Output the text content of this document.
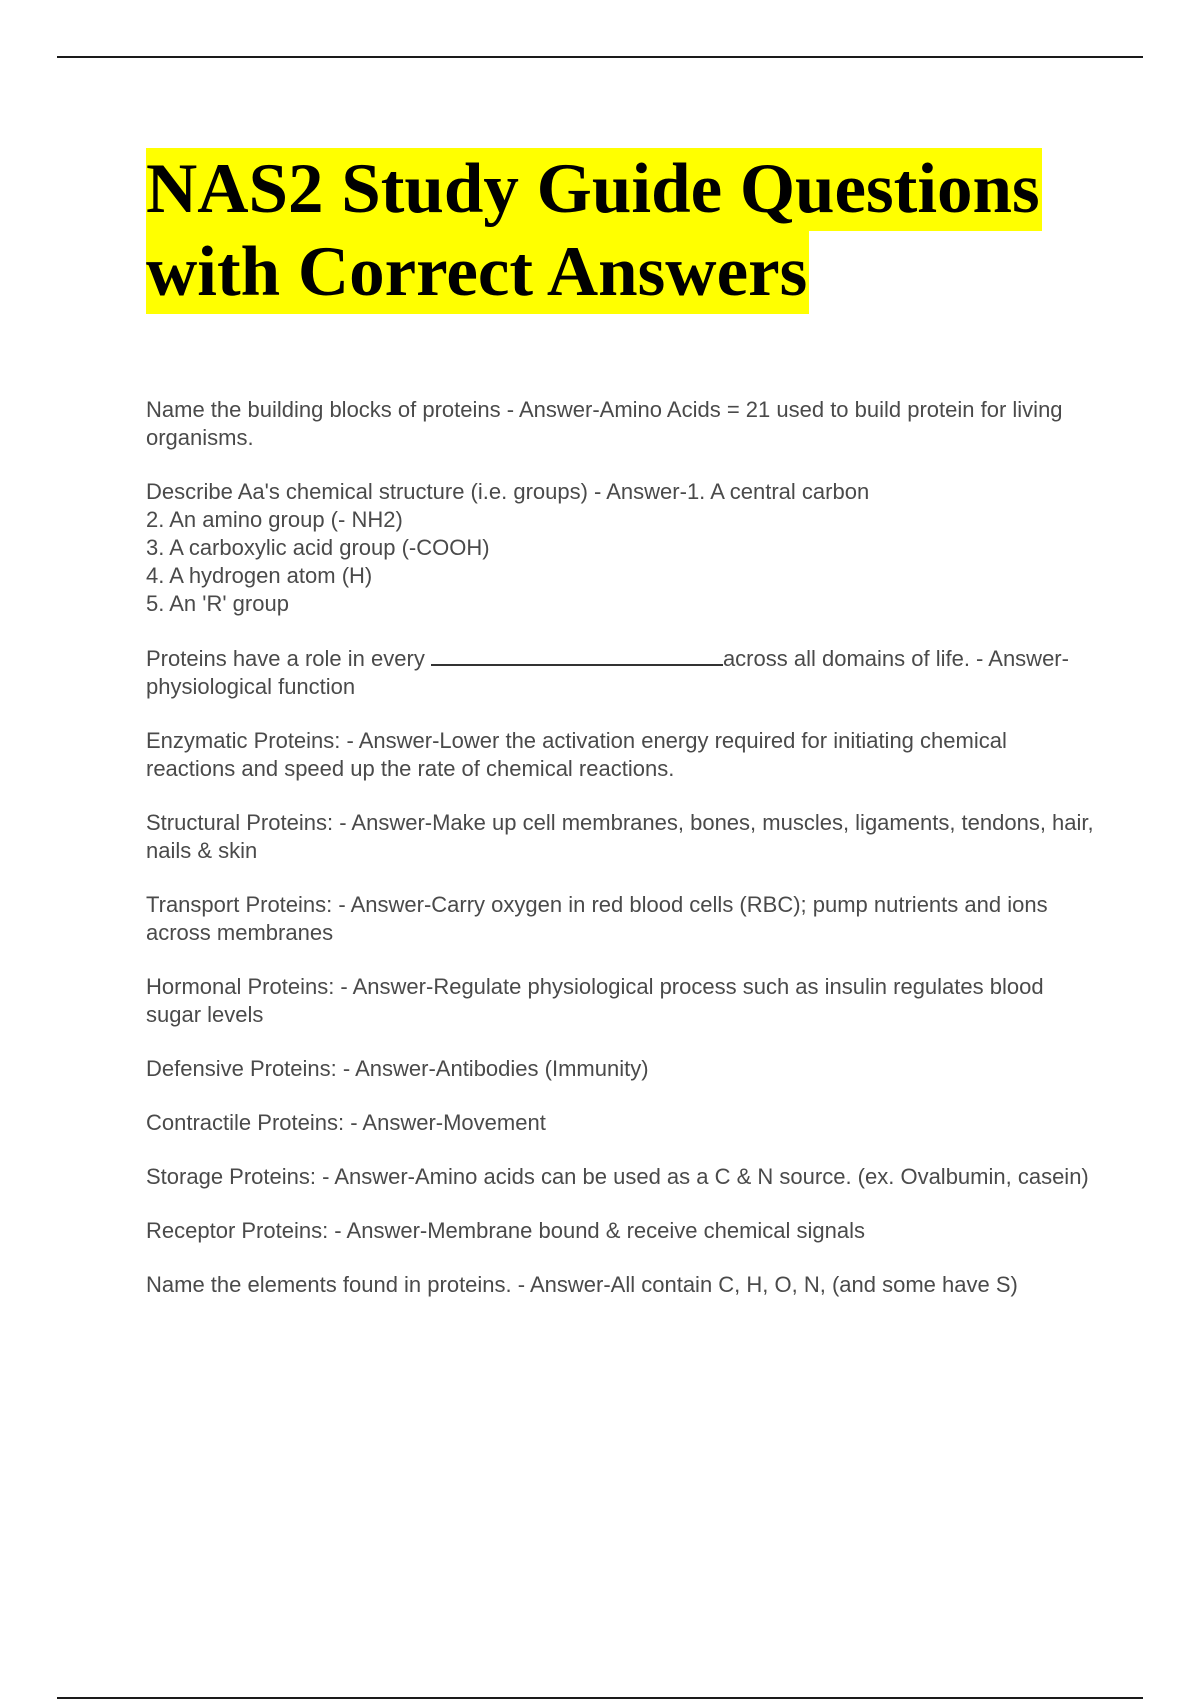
NAS2 Study Guide Questions
with Correct Answers

Name the building blocks of proteins - Answer-Amino Acids = 21 used to build protein for living organisms.

Describe Aa's chemical structure (i.e. groups) - Answer-1. A central carbon

2. An amino group (- NH2)

3. A carboxylic acid group (-COOH)

4. A hydrogen atom (H)

5. An 'R' group

Proteins have a role in every	across all domains of life. - Answer-physiological function

Enzymatic Proteins: - Answer-Lower the activation energy required for initiating chemical reactions and speed up the rate of chemical reactions.

Structural Proteins: - Answer-Make up cell membranes, bones, muscles, ligaments, tendons, hair, nails & skin

Transport Proteins: - Answer-Carry oxygen in red blood cells (RBC); pump nutrients and ions across membranes

Hormonal Proteins: - Answer-Regulate physiological process such as insulin regulates blood sugar levels

Defensive Proteins: - Answer-Antibodies (Immunity)

Contractile Proteins: - Answer-Movement

Storage Proteins: - Answer-Amino acids can be used as a C & N source. (ex. Ovalbumin, casein)

Receptor Proteins: - Answer-Membrane bound & receive chemical signals

Name the elements found in proteins. - Answer-All contain C, H, O, N, (and some have S)
